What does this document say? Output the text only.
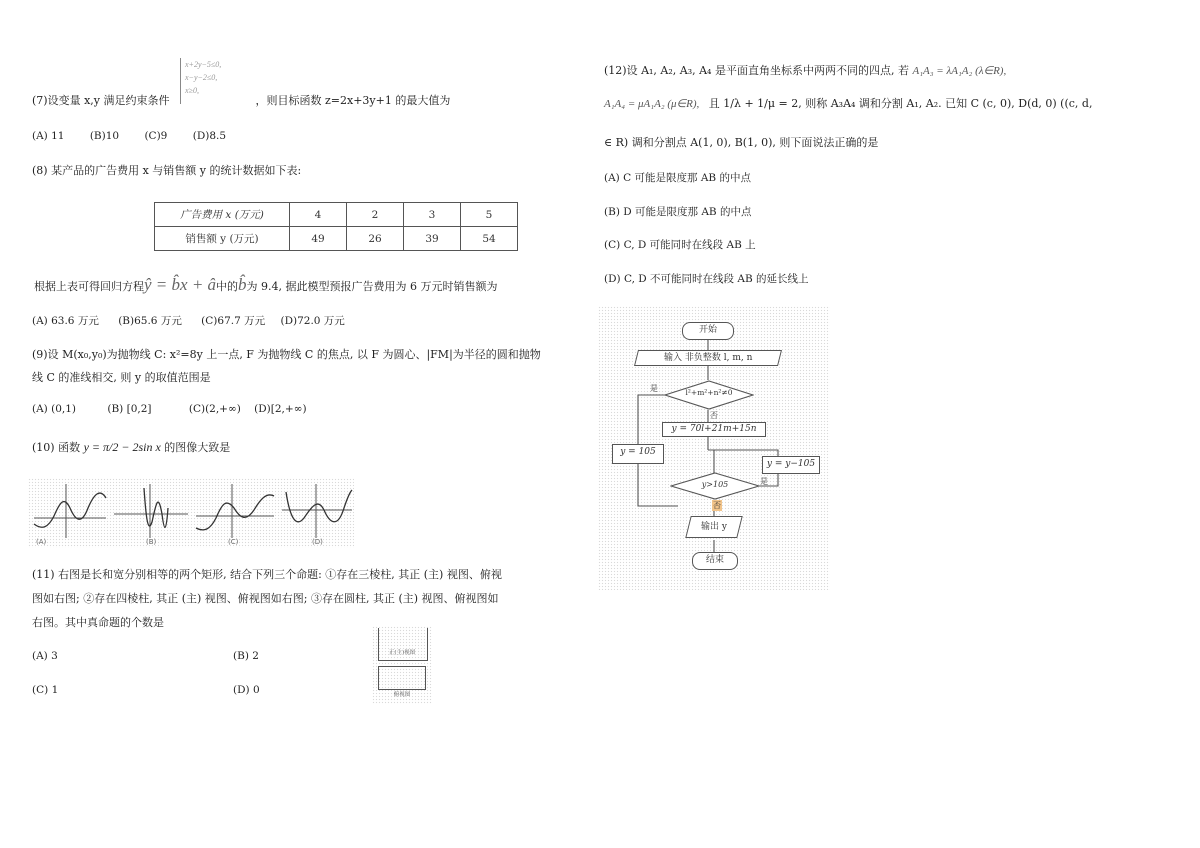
x+2y−5≤0,
x−y−2≤0,
x≥0,
(7)设变量 x,y 满足约束条件	，则目标函数 z=2x+3y+1 的最大值为
(A) 11 (B)10 (C)9 (D)8.5
(8) 某产品的广告费用 x 与销售额 y 的统计数据如下表:
广告费用 x (万元)	4	2	3	5
销售额 y (万元)	49	26	39	54
根据上表可得回归方程ŷ = b̂x + â中的b̂为 9.4, 据此模型预报广告费用为 6 万元时销售额为
(A) 63.6 万元 (B)65.6 万元 (C)67.7 万元 (D)72.0 万元
(9)设 M(x₀,y₀)为抛物线 C: x²=8y 上一点, F 为抛物线 C 的焦点, 以 F 为圆心、|FM|为半径的圆和抛物
线 C 的准线相交, 则 y 的取值范围是
(A) (0,1)	(B) [0,2]	(C)(2,+∞) (D)[2,+∞)
(10) 函数 y = π/2 − 2sin x 的图像大致是
(A)	(B)	(C)	(D)
(11) 右图是长和宽分别相等的两个矩形, 结合下列三个命题: ①存在三棱柱, 其正 (主) 视图、俯视
图如右图; ②存在四棱柱, 其正 (主) 视图、俯视图如右图; ③存在圆柱, 其正 (主) 视图、俯视图如
右图。其中真命题的个数是
(A) 3	(B) 2
(C) 1	(D) 0
正(主)视图
俯视图
(12)设 A₁, A₂, A₃, A₄ 是平面直角坐标系中两两不同的四点, 若 A₁A₃ = λA₁A₂ (λ∈R),
A₁A₄ = μA₁A₂ (μ∈R), 且 1/λ + 1/μ = 2, 则称 A₃A₄ 调和分割 A₁, A₂. 已知 C (c, 0), D(d, 0) ((c, d,
∈ R) 调和分割点 A(1, 0), B(1, 0), 则下面说法正确的是
(A) C 可能是限度那 AB 的中点
(B) D 可能是限度那 AB 的中点
(C) C, D 可能同时在线段 AB 上
(D) C, D 不可能同时在线段 AB 的延长线上
开始
输入 非负整数 l, m, n
l²+m²+n²≠0
是
否
y = 70l+21m+15n
y = 105
y = y−105
y>105	是
否
输出 y
结束
